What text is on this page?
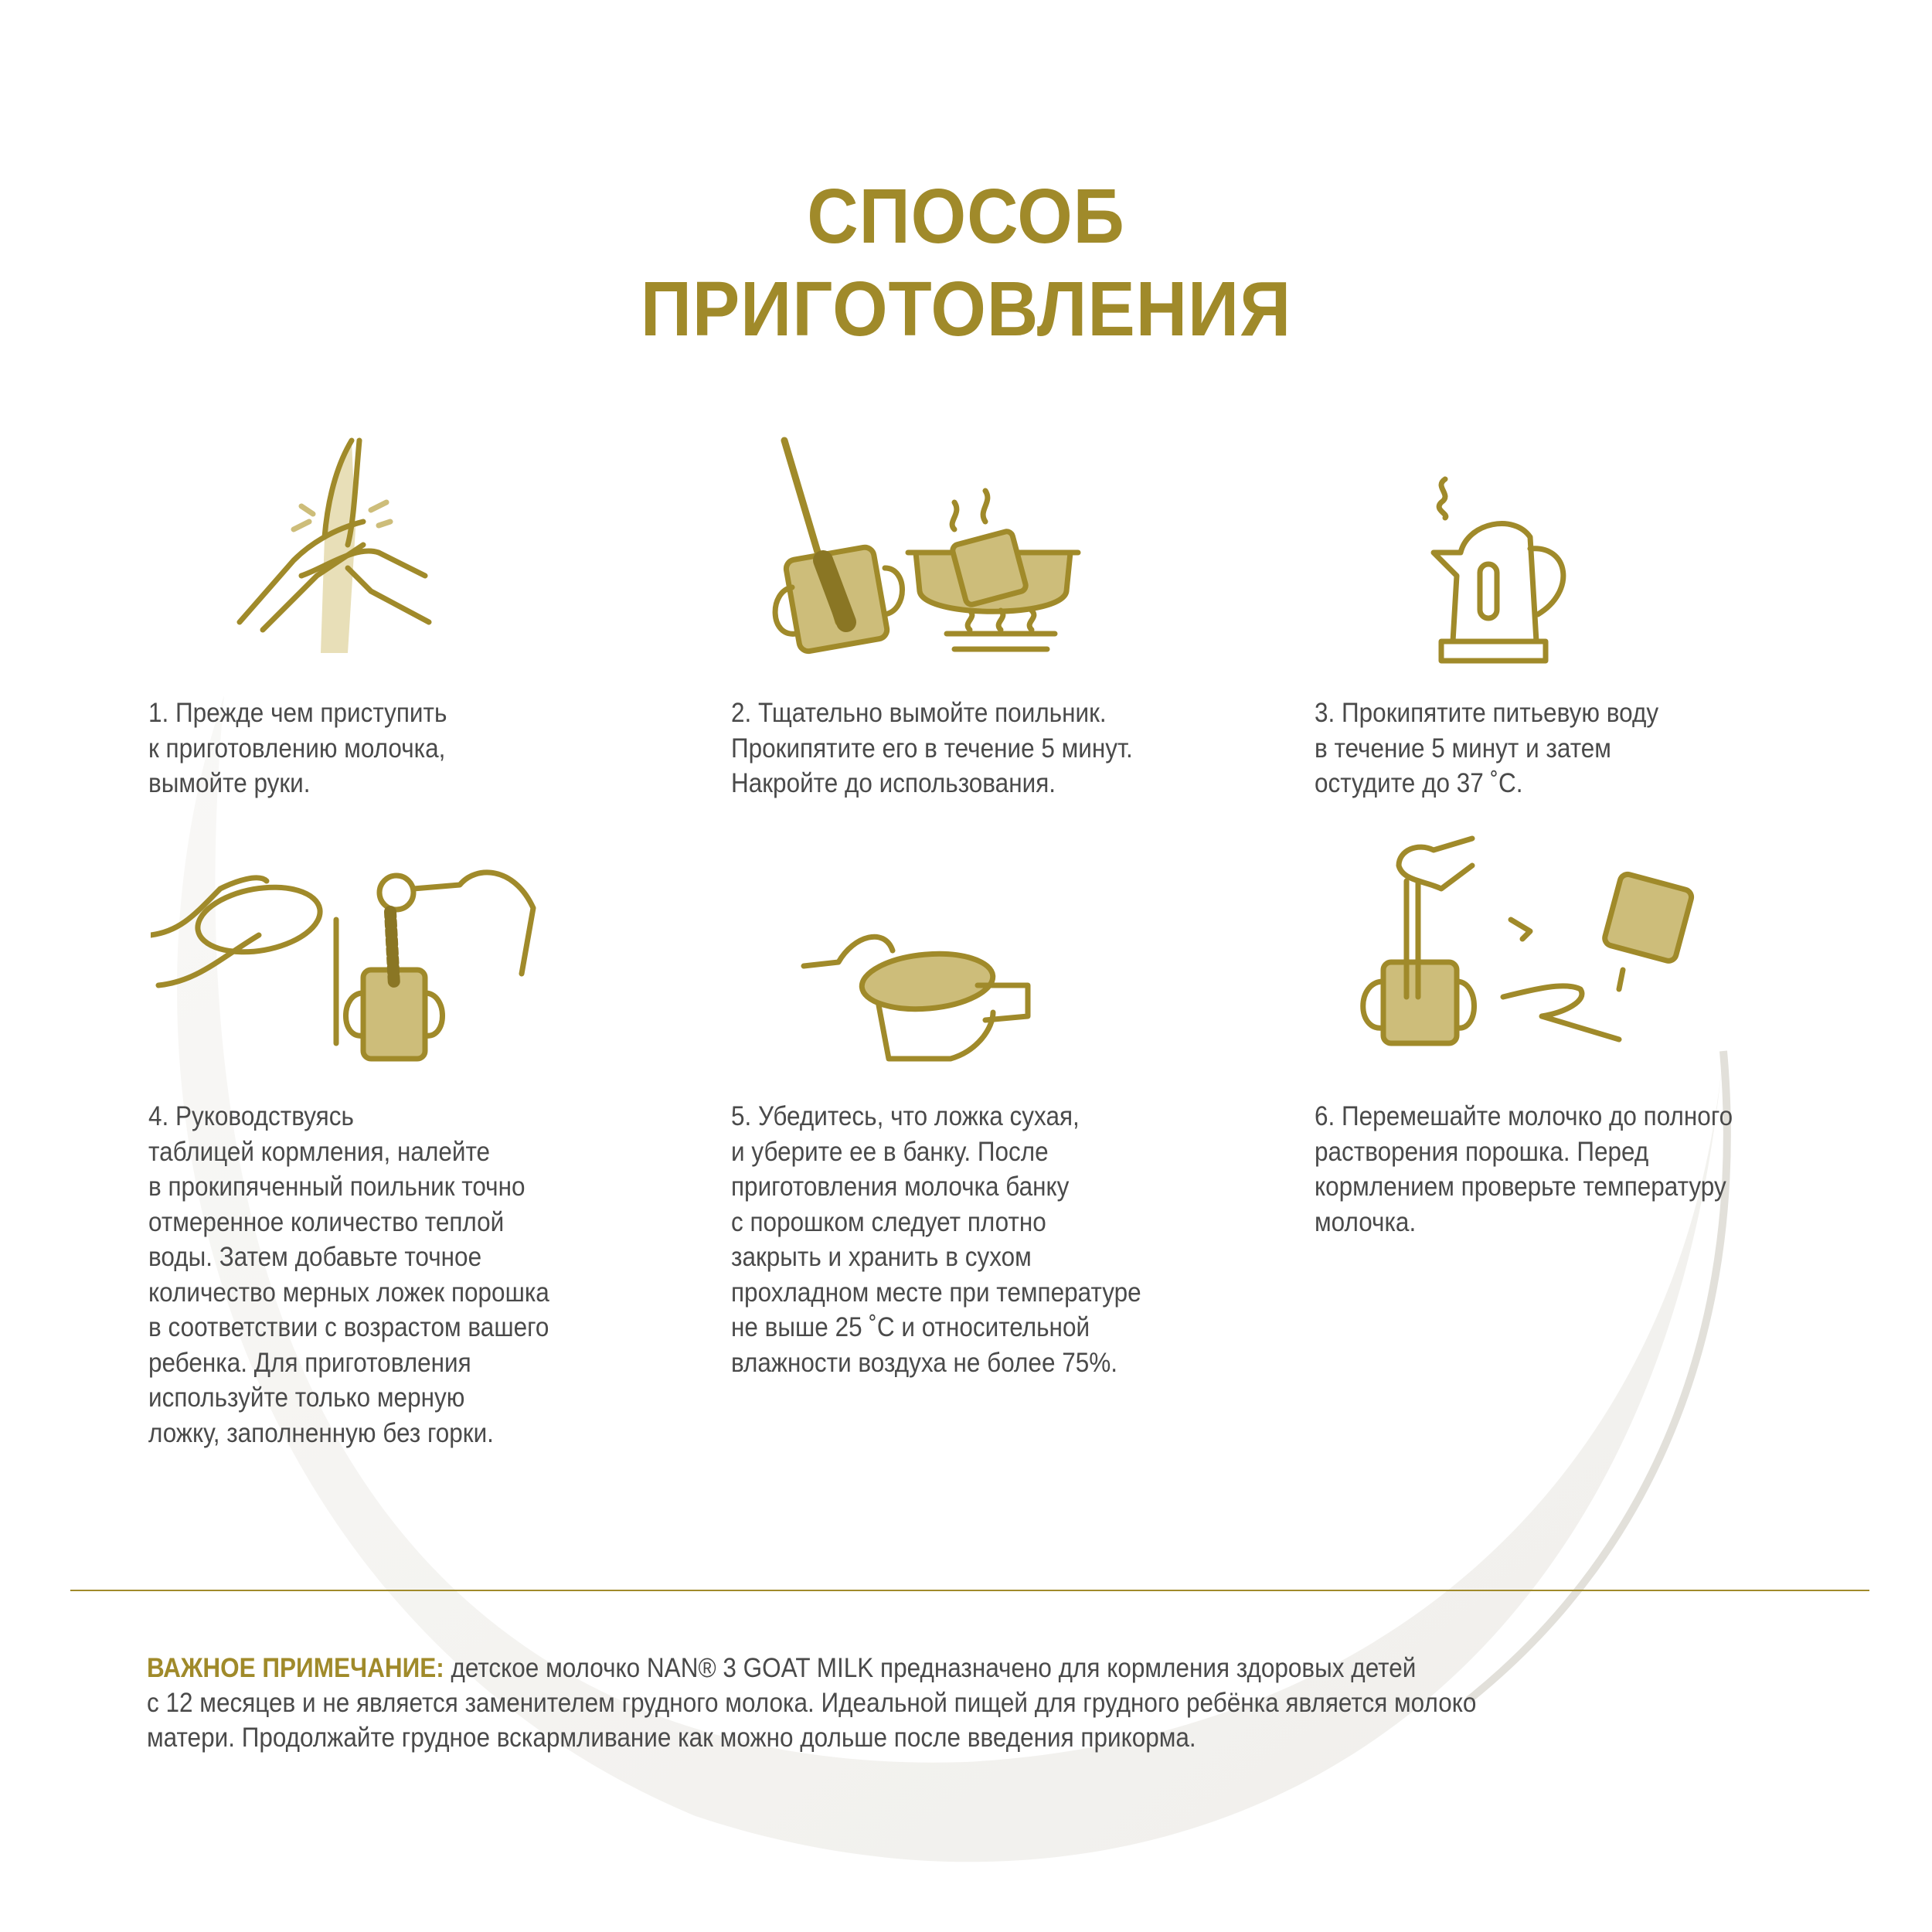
СПОСОБ
ПРИГОТОВЛЕНИЯ
1. Прежде чем приступить
к приготовлению молочка,
вымойте руки.
2. Тщательно вымойте поильник.
Прокипятите его в течение 5 минут.
Накройте до использования.
3. Прокипятите питьевую воду
в течение 5 минут и затем
остудите до 37 ˚С.
4. Руководствуясь
таблицей кормления, налейте
в прокипяченный поильник точно
отмеренное количество теплой
воды. Затем добавьте точное
количество мерных ложек порошка
в соответствии с возрастом вашего
ребенка. Для приготовления
используйте только мерную
ложку, заполненную без горки.
5. Убедитесь, что ложка сухая,
и уберите ее в банку. После
приготовления молочка банку
с порошком следует плотно
закрыть и хранить в сухом
прохладном месте при температуре
не выше 25 ˚С и относительной
влажности воздуха не более 75%.
6. Перемешайте молочко до полного
растворения порошка. Перед
кормлением проверьте температуру
молочка.
ВАЖНОЕ ПРИМЕЧАНИЕ: детское молочко NAN® 3 GOAT MILK предназначено для кормления здоровых детей
с 12 месяцев и не является заменителем грудного молока. Идеальной пищей для грудного ребёнка является молоко
матери. Продолжайте грудное вскармливание как можно дольше после введения прикорма.
